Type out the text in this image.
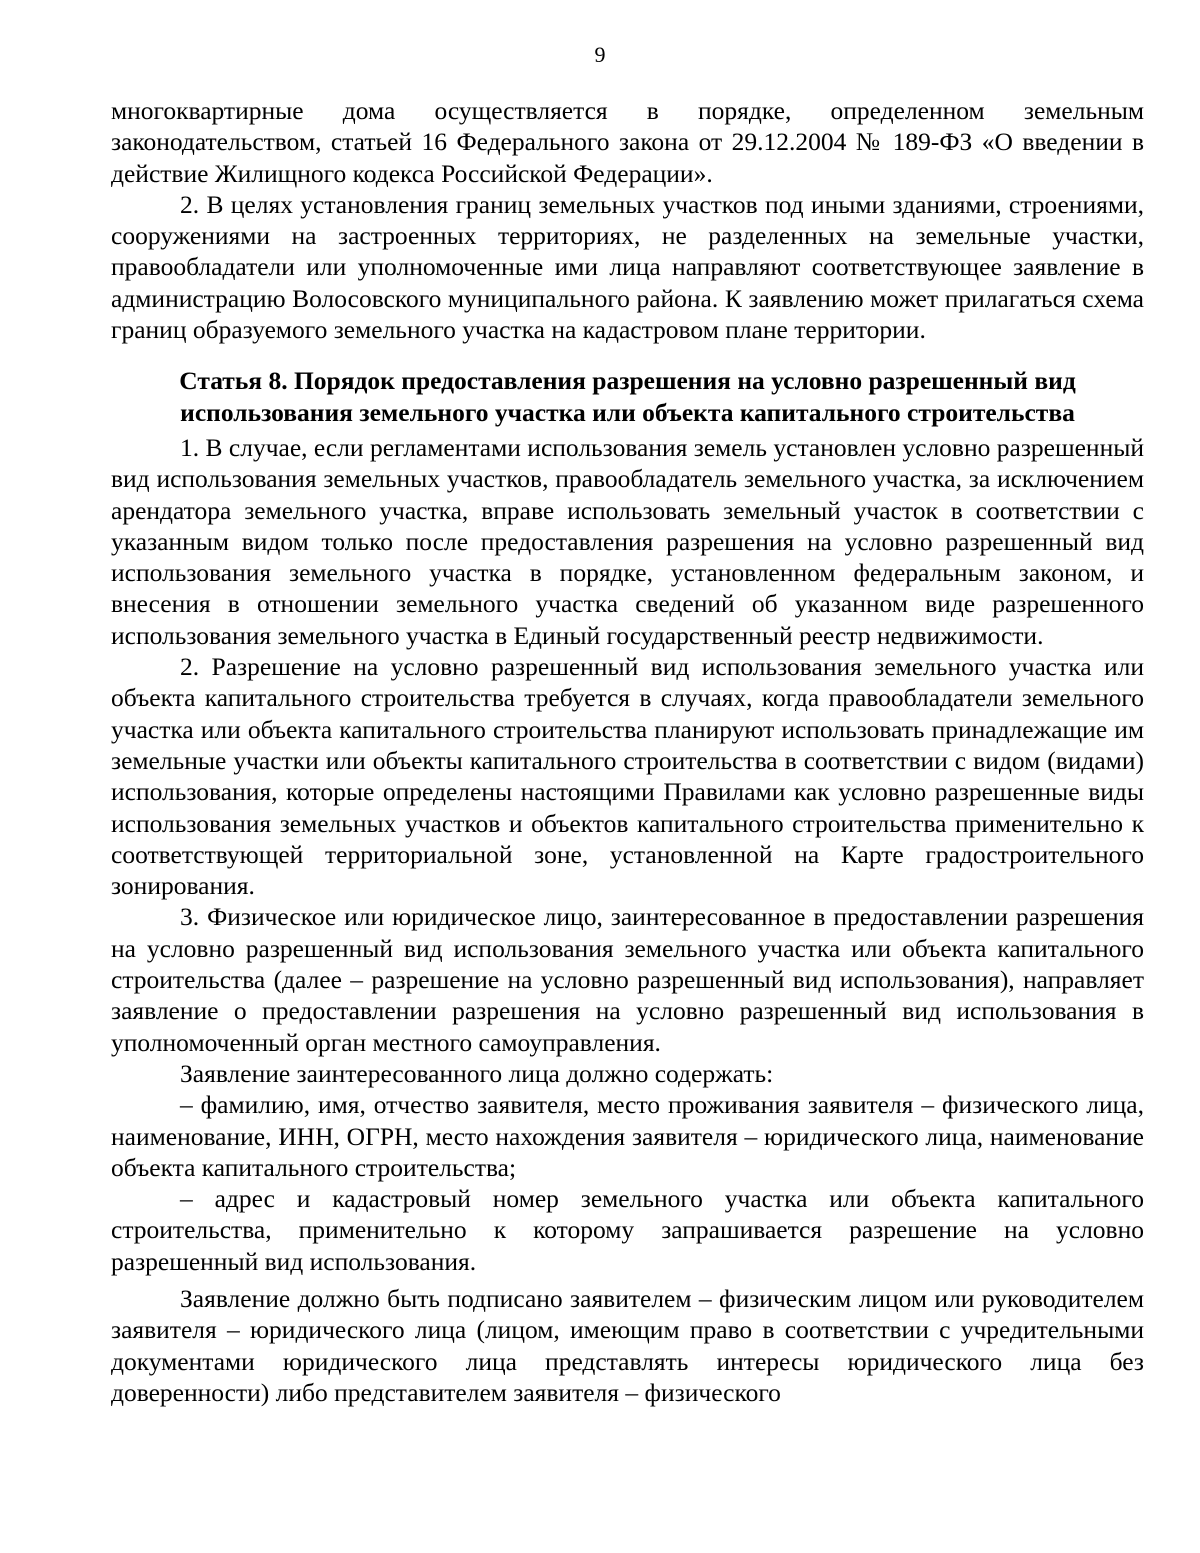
9

многоквартирные дома осуществляется в порядке, определенном земельным законодательством, статьей 16 Федерального закона от 29.12.2004 № 189-ФЗ «О введении в действие Жилищного кодекса Российской Федерации».

2. В целях установления границ земельных участков под иными зданиями, строениями, сооружениями на застроенных территориях, не разделенных на земельные участки, правообладатели или уполномоченные ими лица направляют соответствующее заявление в администрацию Волосовского муниципального района. К заявлению может прилагаться схема границ образуемого земельного участка на кадастровом плане территории.

Статья 8. Порядок предоставления разрешения на условно разрешенный вид использования земельного участка или объекта капитального строительства

1. В случае, если регламентами использования земель установлен условно разрешенный вид использования земельных участков, правообладатель земельного участка, за исключением арендатора земельного участка, вправе использовать земельный участок в соответствии с указанным видом только после предоставления разрешения на условно разрешенный вид использования земельного участка в порядке, установленном федеральным законом, и внесения в отношении земельного участка сведений об указанном виде разрешенного использования земельного участка в Единый государственный реестр недвижимости.

2. Разрешение на условно разрешенный вид использования земельного участка или объекта капитального строительства требуется в случаях, когда правообладатели земельного участка или объекта капитального строительства планируют использовать принадлежащие им земельные участки или объекты капитального строительства в соответствии с видом (видами) использования, которые определены настоящими Правилами как условно разрешенные виды использования земельных участков и объектов капитального строительства применительно к соответствующей территориальной зоне, установленной на Карте градостроительного зонирования.

3. Физическое или юридическое лицо, заинтересованное в предоставлении разрешения на условно разрешенный вид использования земельного участка или объекта капитального строительства (далее – разрешение на условно разрешенный вид использования), направляет заявление о предоставлении разрешения на условно разрешенный вид использования в уполномоченный орган местного самоуправления.

Заявление заинтересованного лица должно содержать:

– фамилию, имя, отчество заявителя, место проживания заявителя – физического лица, наименование, ИНН, ОГРН, место нахождения заявителя – юридического лица, наименование объекта капитального строительства;

– адрес и кадастровый номер земельного участка или объекта капитального строительства, применительно к которому запрашивается разрешение на условно разрешенный вид использования.

Заявление должно быть подписано заявителем – физическим лицом или руководителем заявителя – юридического лица (лицом, имеющим право в соответствии с учредительными документами юридического лица представлять интересы юридического лица без доверенности) либо представителем заявителя – физического
